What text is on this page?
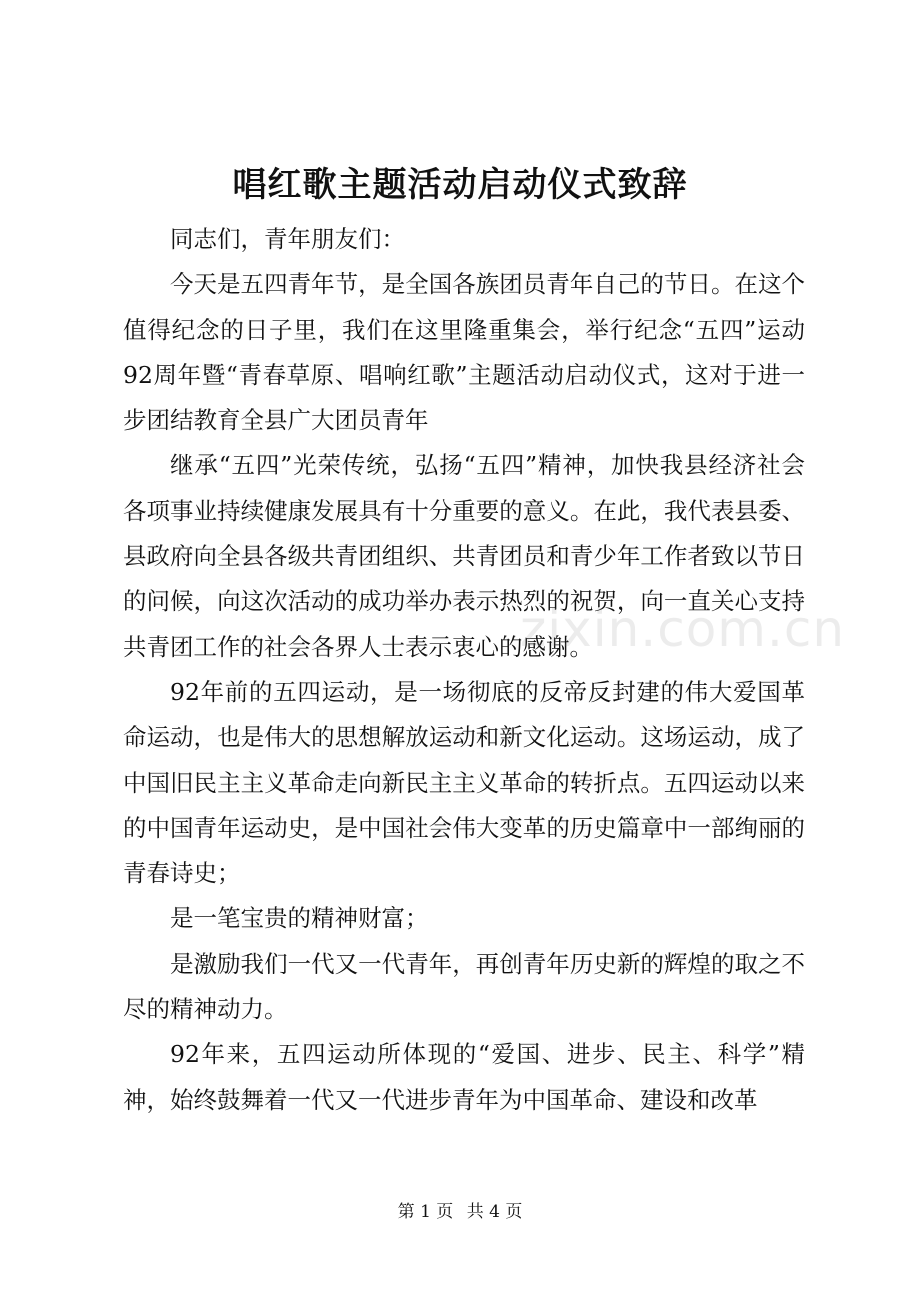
唱红歌主题活动启动仪式致辞

同志们，青年朋友们：

今天是五四青年节，是全国各族团员青年自己的节日。在这个值得纪念的日子里，我们在这里隆重集会，举行纪念“五四”运动92周年暨“青春草原、唱响红歌”主题活动启动仪式，这对于进一步团结教育全县广大团员青年

继承“五四”光荣传统，弘扬“五四”精神，加快我县经济社会各项事业持续健康发展具有十分重要的意义。在此，我代表县委、县政府向全县各级共青团组织、共青团员和青少年工作者致以节日的问候，向这次活动的成功举办表示热烈的祝贺，向一直关心支持共青团工作的社会各界人士表示衷心的感谢。

92年前的五四运动，是一场彻底的反帝反封建的伟大爱国革命运动，也是伟大的思想解放运动和新文化运动。这场运动，成了中国旧民主主义革命走向新民主主义革命的转折点。五四运动以来的中国青年运动史，是中国社会伟大变革的历史篇章中一部绚丽的青春诗史；

是一笔宝贵的精神财富；

是激励我们一代又一代青年，再创青年历史新的辉煌的取之不尽的精神动力。

92年来，五四运动所体现的“爱国、进步、民主、科学”精神，始终鼓舞着一代又一代进步青年为中国革命、建设和改革

zixin.com.cn
第 1 页 共 4 页
